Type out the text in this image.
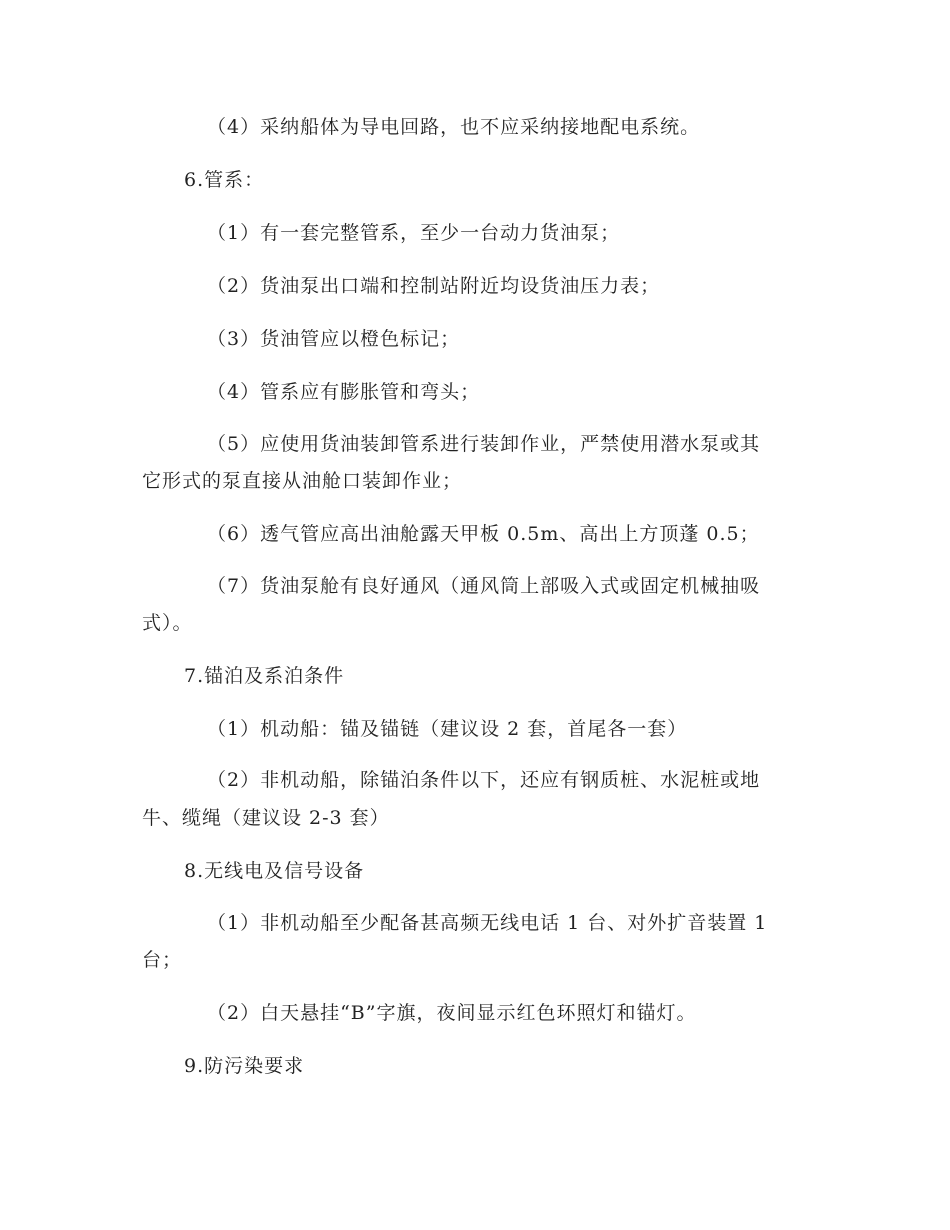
（4）采纳船体为导电回路，也不应采纳接地配电系统。
6.管系：
（1）有一套完整管系，至少一台动力货油泵；
（2）货油泵出口端和控制站附近均设货油压力表；
（3）货油管应以橙色标记；
（4）管系应有膨胀管和弯头；
（5）应使用货油装卸管系进行装卸作业，严禁使用潜水泵或其
它形式的泵直接从油舱口装卸作业；
（6）透气管应高出油舱露天甲板 0.5m、高出上方顶蓬 0.5；
（7）货油泵舱有良好通风（通风筒上部吸入式或固定机械抽吸
式）。
7.锚泊及系泊条件
（1）机动船：锚及锚链（建议设 2 套，首尾各一套）
（2）非机动船，除锚泊条件以下，还应有钢质桩、水泥桩或地
牛、缆绳（建议设 2-3 套）
8.无线电及信号设备
（1）非机动船至少配备甚高频无线电话 1 台、对外扩音装置 1
台；
（2）白天悬挂“B”字旗，夜间显示红色环照灯和锚灯。
9.防污染要求
